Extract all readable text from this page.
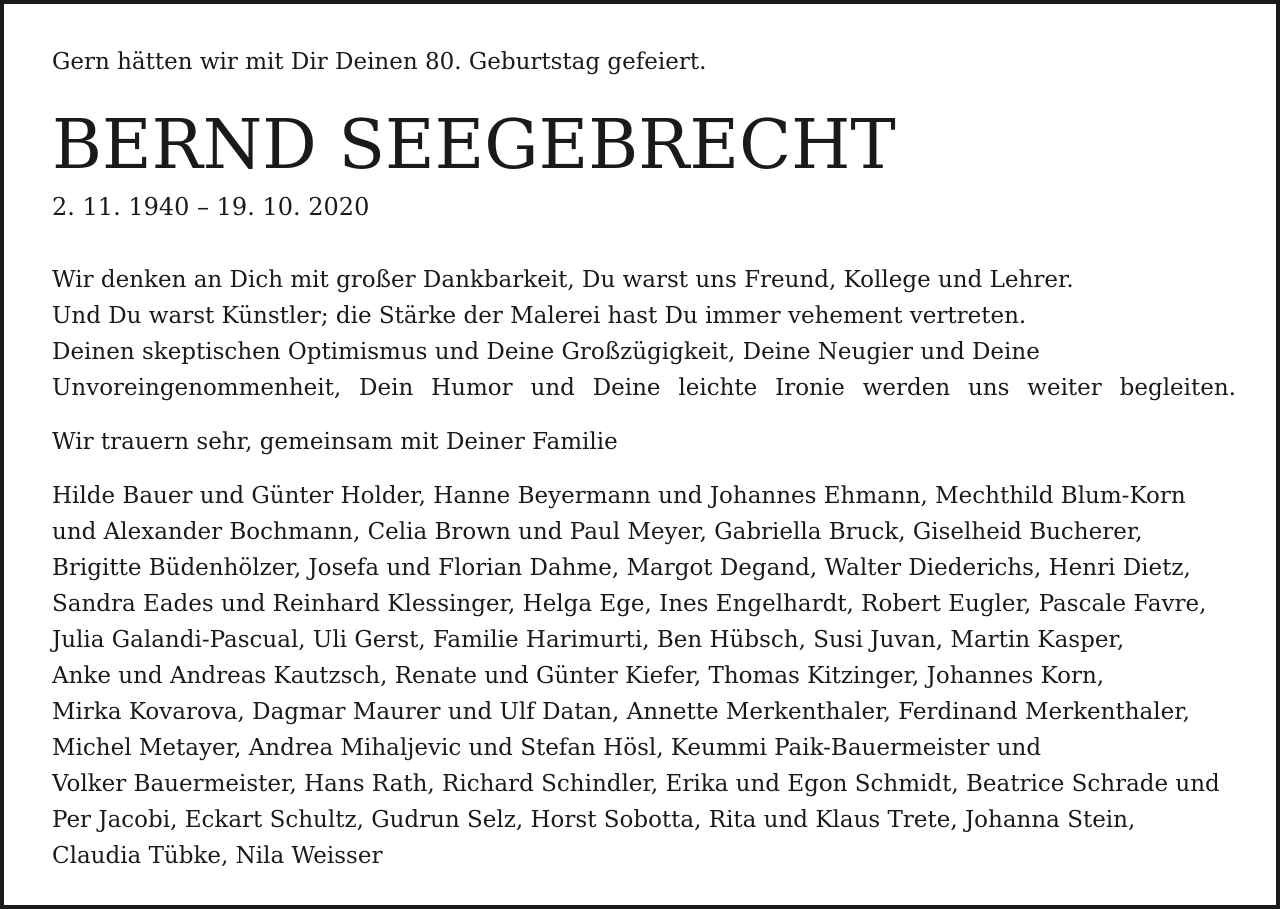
Gern hätten wir mit Dir Deinen 80. Geburtstag gefeiert.
BERND SEEGEBRECHT
2. 11. 1940 – 19. 10. 2020
Wir denken an Dich mit großer Dankbarkeit, Du warst uns Freund, Kollege und Lehrer.
Und Du warst Künstler; die Stärke der Malerei hast Du immer vehement vertreten.
Deinen skeptischen Optimismus und Deine Großzügigkeit, Deine Neugier und Deine
Unvoreingenommenheit, Dein Humor und Deine leichte Ironie werden uns weiter begleiten.
Wir trauern sehr, gemeinsam mit Deiner Familie
Hilde Bauer und Günter Holder, Hanne Beyermann und Johannes Ehmann, Mechthild Blum-Korn
und Alexander Bochmann, Celia Brown und Paul Meyer, Gabriella Bruck, Giselheid Bucherer,
Brigitte Büdenhölzer, Josefa und Florian Dahme, Margot Degand, Walter Diederichs, Henri Dietz,
Sandra Eades und Reinhard Klessinger, Helga Ege, Ines Engelhardt, Robert Eugler, Pascale Favre,
Julia Galandi-Pascual, Uli Gerst, Familie Harimurti, Ben Hübsch, Susi Juvan, Martin Kasper,
Anke und Andreas Kautzsch, Renate und Günter Kiefer, Thomas Kitzinger, Johannes Korn,
Mirka Kovarova, Dagmar Maurer und Ulf Datan, Annette Merkenthaler, Ferdinand Merkenthaler,
Michel Metayer, Andrea Mihaljevic und Stefan Hösl, Keummi Paik-Bauermeister und
Volker Bauermeister, Hans Rath, Richard Schindler, Erika und Egon Schmidt, Beatrice Schrade und
Per Jacobi, Eckart Schultz, Gudrun Selz, Horst Sobotta, Rita und Klaus Trete, Johanna Stein,
Claudia Tübke, Nila Weisser
